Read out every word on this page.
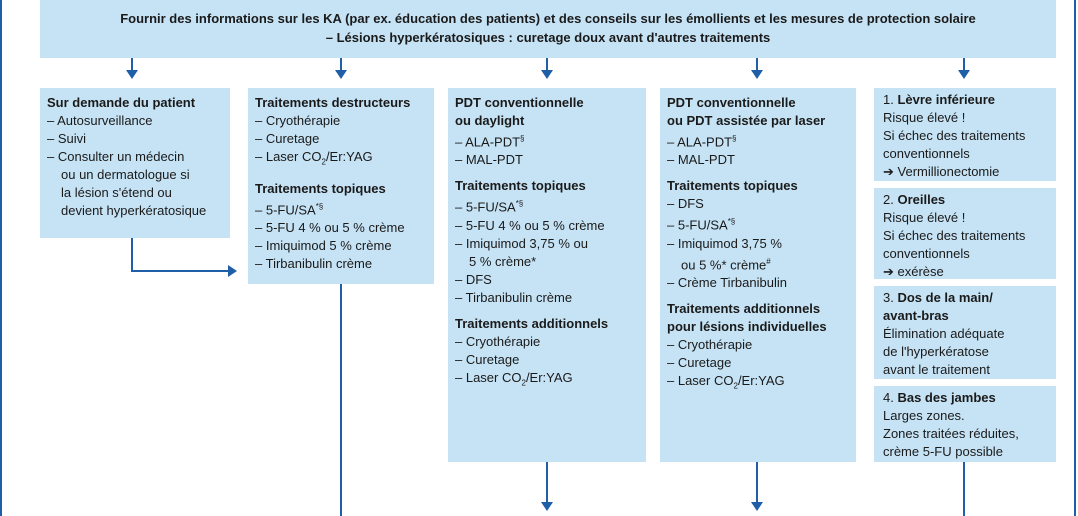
Fournir des informations sur les KA (par ex. éducation des patients) et des conseils sur les émollients et les mesures de protection solaire
– Lésions hyperkératosiques : curetage doux avant d'autres traitements
Sur demande du patient
– Autosurveillance
– Suivi
– Consulter un médecin
ou un dermatologue si
la lésion s'étend ou
devient hyperkératosique
Traitements destructeurs
– Cryothérapie
– Curetage
– Laser $CO_2/Er:YAG$
Traitements topiques
– 5-FU/SA*§
– 5-FU 4 % ou 5 % crème
– Imiquimod 5 % crème
– Tirbanibulin crème
PDT conventionnelle
ou daylight
– ALA-PDT§
– MAL-PDT
Traitements topiques
– 5-FU/SA*§
– 5-FU 4 % ou 5 % crème
– Imiquimod 3,75 % ou
5 % crème*
– DFS
– Tirbanibulin crème
Traitements additionnels
– Cryothérapie
– Curetage
– Laser $CO_2/Er:YAG$
PDT conventionnelle
ou PDT assistée par laser
– ALA-PDT§
– MAL-PDT
Traitements topiques
– DFS
– 5-FU/SA*§
– Imiquimod 3,75 %
ou 5 %* crème#
– Crème Tirbanibulin
Traitements additionnels
pour lésions individuelles
– Cryothérapie
– Curetage
– Laser $CO_2/Er:YAG$
1. Lèvre inférieure
Risque élevé !
Si échec des traitements
conventionnels
➔ Vermillionectomie
2. Oreilles
Risque élevé !
Si échec des traitements
conventionnels
➔ exérèse
3. Dos de la main/
avant-bras
Élimination adéquate
de l'hyperkératose
avant le traitement
4. Bas des jambes
Larges zones.
Zones traitées réduites,
crème 5-FU possible
